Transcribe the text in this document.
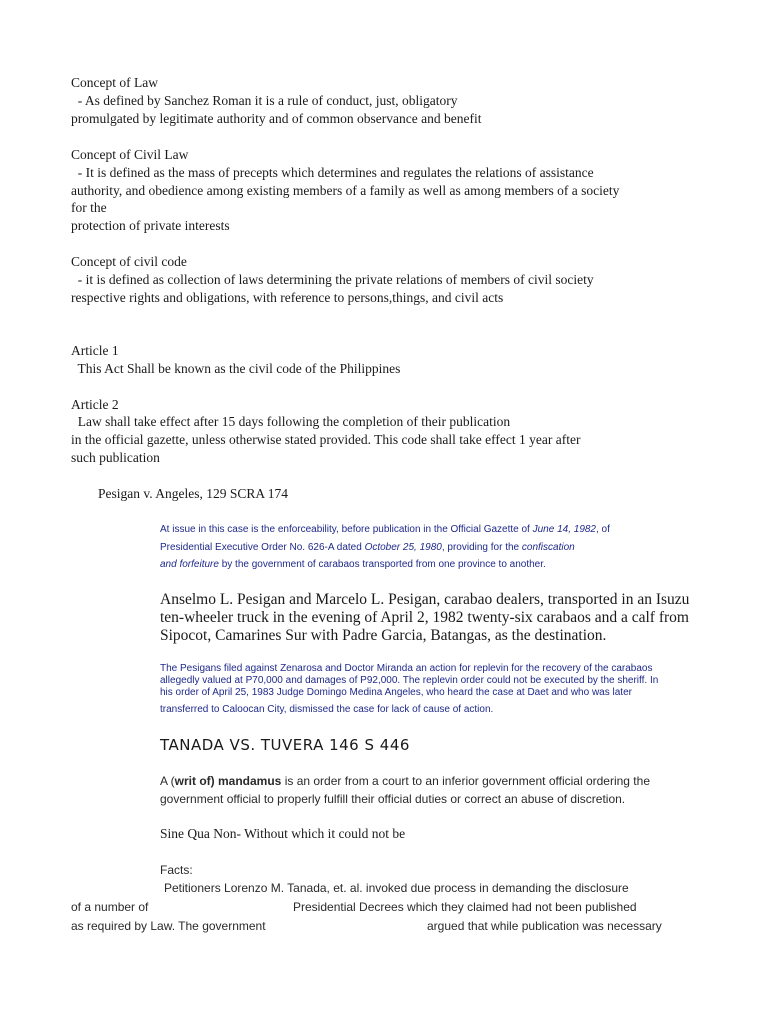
Concept of Law
- As defined by Sanchez Roman it is a rule of conduct, just, obligatory
promulgated by legitimate authority and of common observance and benefit
Concept of Civil Law
- It is defined as the mass of precepts which determines and regulates the relations of assistance
authority, and obedience among existing members of a family as well as among members of a society
for the
protection of private interests
Concept of civil code
- it is defined as collection of laws determining the private relations of members of civil society
respective rights and obligations, with reference to persons,things, and civil acts
Article 1
This Act Shall be known as the civil code of the Philippines
Article 2
Law shall take effect after 15 days following the completion of their publication
in the official gazette, unless otherwise stated provided. This code shall take effect 1 year after
such publication
Pesigan v. Angeles, 129 SCRA 174
At issue in this case is the enforceability, before publication in the Official Gazette of June 14, 1982, of
Presidential Executive Order No. 626-A dated October 25, 1980, providing for the confiscation
and forfeiture by the government of carabaos transported from one province to another.
Anselmo L. Pesigan and Marcelo L. Pesigan, carabao dealers, transported in an Isuzu
ten-wheeler truck in the evening of April 2, 1982 twenty-six carabaos and a calf from
Sipocot, Camarines Sur with Padre Garcia, Batangas, as the destination.
The Pesigans filed against Zenarosa and Doctor Miranda an action for replevin for the recovery of the carabaos
allegedly valued at P70,000 and damages of P92,000. The replevin order could not be executed by the sheriff. In
his order of April 25, 1983 Judge Domingo Medina Angeles, who heard the case at Daet and who was later
transferred to Caloocan City, dismissed the case for lack of cause of action.
TANADA VS. TUVERA 146 S 446
A (writ of) mandamus is an order from a court to an inferior government official ordering the
government official to properly fulfill their official duties or correct an abuse of discretion.
Sine Qua Non- Without which it could not be
Facts:
Petitioners Lorenzo M. Tanada, et. al. invoked due process in demanding the disclosure
of a number of	Presidential Decrees which they claimed had not been published
as required by Law. The government	argued that while publication was necessary
